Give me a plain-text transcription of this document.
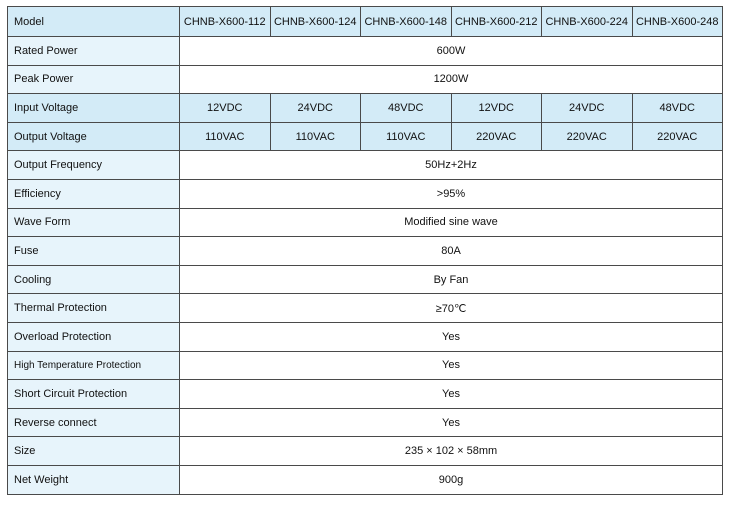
Model	CHNB-X600-112	CHNB-X600-124	CHNB-X600-148	CHNB-X600-212	CHNB-X600-224	CHNB-X600-248
Rated Power	600W					
Peak Power	1200W					
Input Voltage	12VDC	24VDC	48VDC	12VDC	24VDC	48VDC
Output Voltage	110VAC	110VAC	110VAC	220VAC	220VAC	220VAC
Output Frequency	50Hz+2Hz					
Efficiency	>95%					
Wave Form	Modified sine wave					
Fuse	80A					
Cooling	By Fan					
Thermal Protection	≥70℃					
Overload Protection	Yes					
High Temperature Protection	Yes					
Short Circuit Protection	Yes					
Reverse connect	Yes					
Size	235 × 102 × 58mm					
Net Weight	900g					
